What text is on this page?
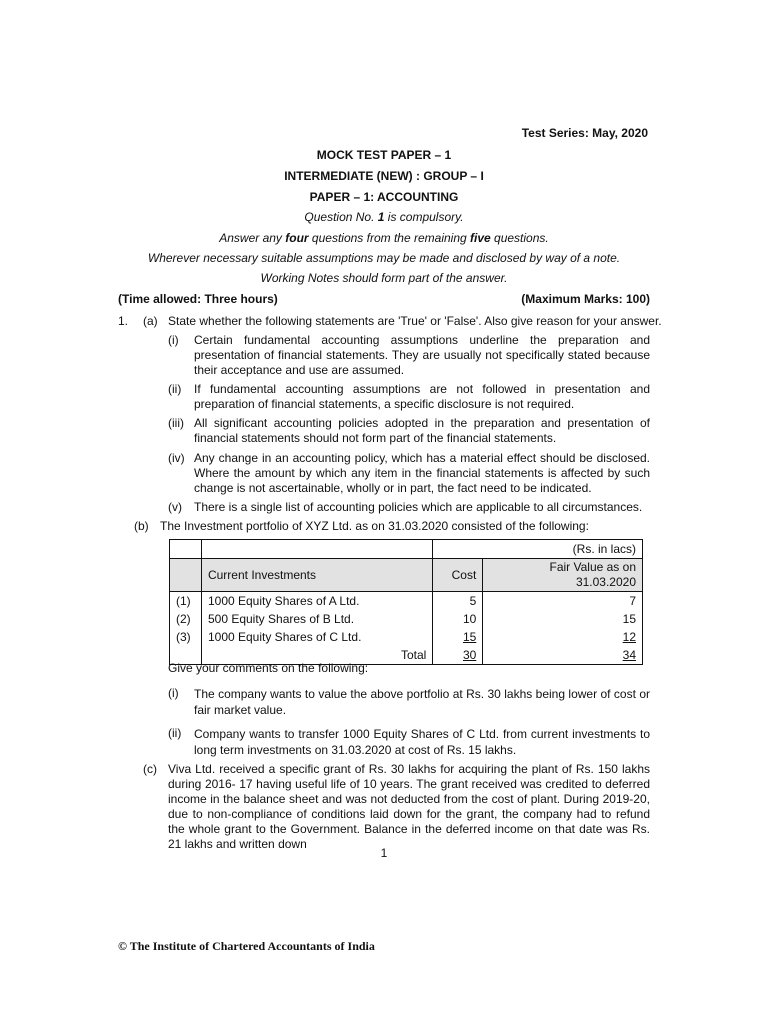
Test Series: May, 2020
MOCK TEST PAPER – 1
INTERMEDIATE (NEW) : GROUP – I
PAPER – 1: ACCOUNTING
Question No. 1 is compulsory.
Answer any four questions from the remaining five questions.
Wherever necessary suitable assumptions may be made and disclosed by way of a note.
Working Notes should form part of the answer.
(Time allowed: Three hours)	(Maximum Marks: 100)
1. (a) State whether the following statements are 'True' or 'False'. Also give reason for your answer.
(i)	Certain fundamental accounting assumptions underline the preparation and presentation of financial statements. They are usually not specifically stated because their acceptance and use are assumed.
(ii)	If fundamental accounting assumptions are not followed in presentation and preparation of financial statements, a specific disclosure is not required.
(iii) All significant accounting policies adopted in the preparation and presentation of financial statements should not form part of the financial statements.
(iv) Any change in an accounting policy, which has a material effect should be disclosed. Where the amount by which any item in the financial statements is affected by such change is not ascertainable, wholly or in part, the fact need to be indicated.
(v)	There is a single list of accounting policies which are applicable to all circumstances.
(b) The Investment portfolio of XYZ Ltd. as on 31.03.2020 consisted of the following:
		(Rs. in lacs)	
	Current Investments	Cost	Fair Value as on 31.03.2020
(1)	1000 Equity Shares of A Ltd.	5	7
(2)	500 Equity Shares of B Ltd.	10	15
(3)	1000 Equity Shares of C Ltd.	15	12
	Total	30	34
Give your comments on the following:
(i)	The company wants to value the above portfolio at Rs. 30 lakhs being lower of cost or fair market value.
(ii)	Company wants to transfer 1000 Equity Shares of C Ltd. from current investments to long term investments on 31.03.2020 at cost of Rs. 15 lakhs.
(c) Viva Ltd. received a specific grant of Rs. 30 lakhs for acquiring the plant of Rs. 150 lakhs during 2016- 17 having useful life of 10 years. The grant received was credited to deferred income in the balance sheet and was not deducted from the cost of plant. During 2019-20, due to non-compliance of conditions laid down for the grant, the company had to refund the whole grant to the Government. Balance in the deferred income on that date was Rs. 21 lakhs and written down
1
© The Institute of Chartered Accountants of India
